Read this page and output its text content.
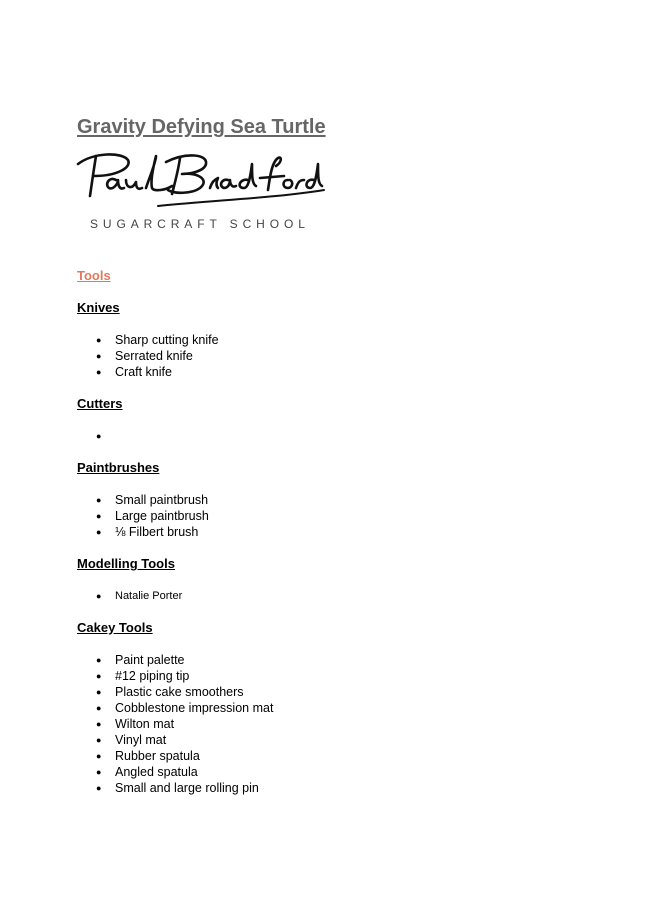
Gravity Defying Sea Turtle
SUGARCRAFT SCHOOL
Tools
Knives
● Sharp cutting knife
● Serrated knife
● Craft knife
Cutters
●
Paintbrushes
● Small paintbrush
● Large paintbrush
● ⅛ Filbert brush
Modelling Tools
● Natalie Porter
Cakey Tools
● Paint palette
● #12 piping tip
● Plastic cake smoothers
● Cobblestone impression mat
● Wilton mat
● Vinyl mat
● Rubber spatula
● Angled spatula
● Small and large rolling pin
